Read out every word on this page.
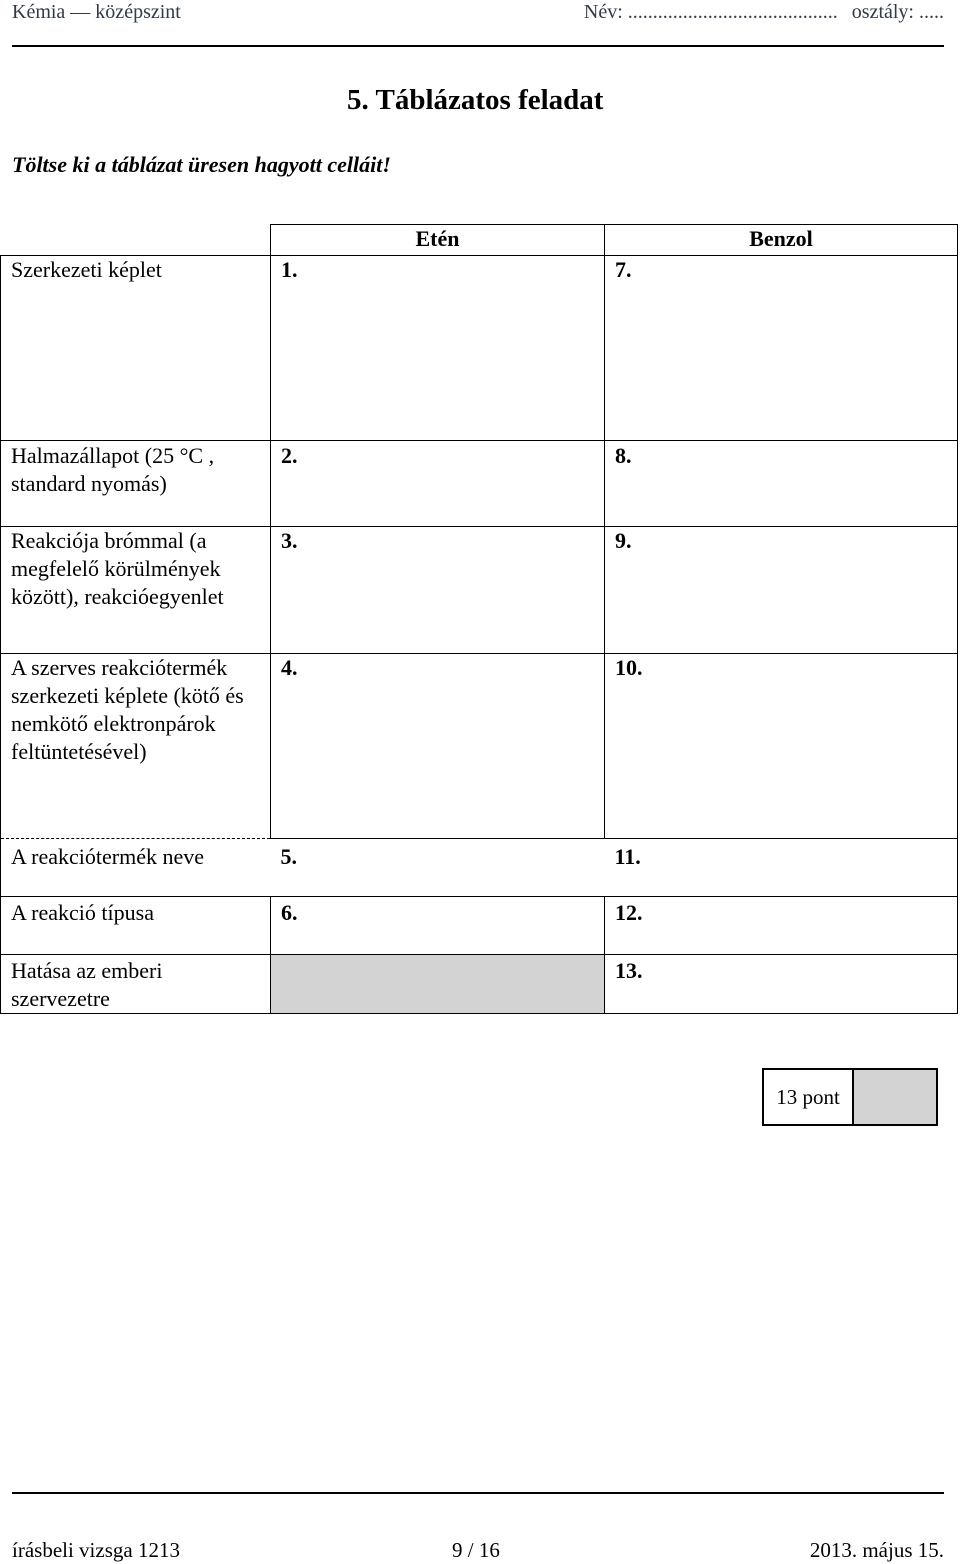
Kémia — középszint	Név: .......................................... osztály: .....
5. Táblázatos feladat
Töltse ki a táblázat üresen hagyott celláit!
	Etén	Benzol
Szerkezeti képlet	1.	7.
Halmazállapot (25 °C , standard nyomás)	2.	8.
Reakciója brómmal (a megfelelő körülmények között), reakcióegyenlet	3.	9.
A szerves reakciótermék szerkezeti képlete (kötő és nemkötő elektronpárok feltüntetésével)	4.	10.
A reakciótermék neve	5.	11.
A reakció típusa	6.	12.
Hatása az emberi szervezetre		13.
13 pont
írásbeli vizsga 1213	9 / 16	2013. május 15.
